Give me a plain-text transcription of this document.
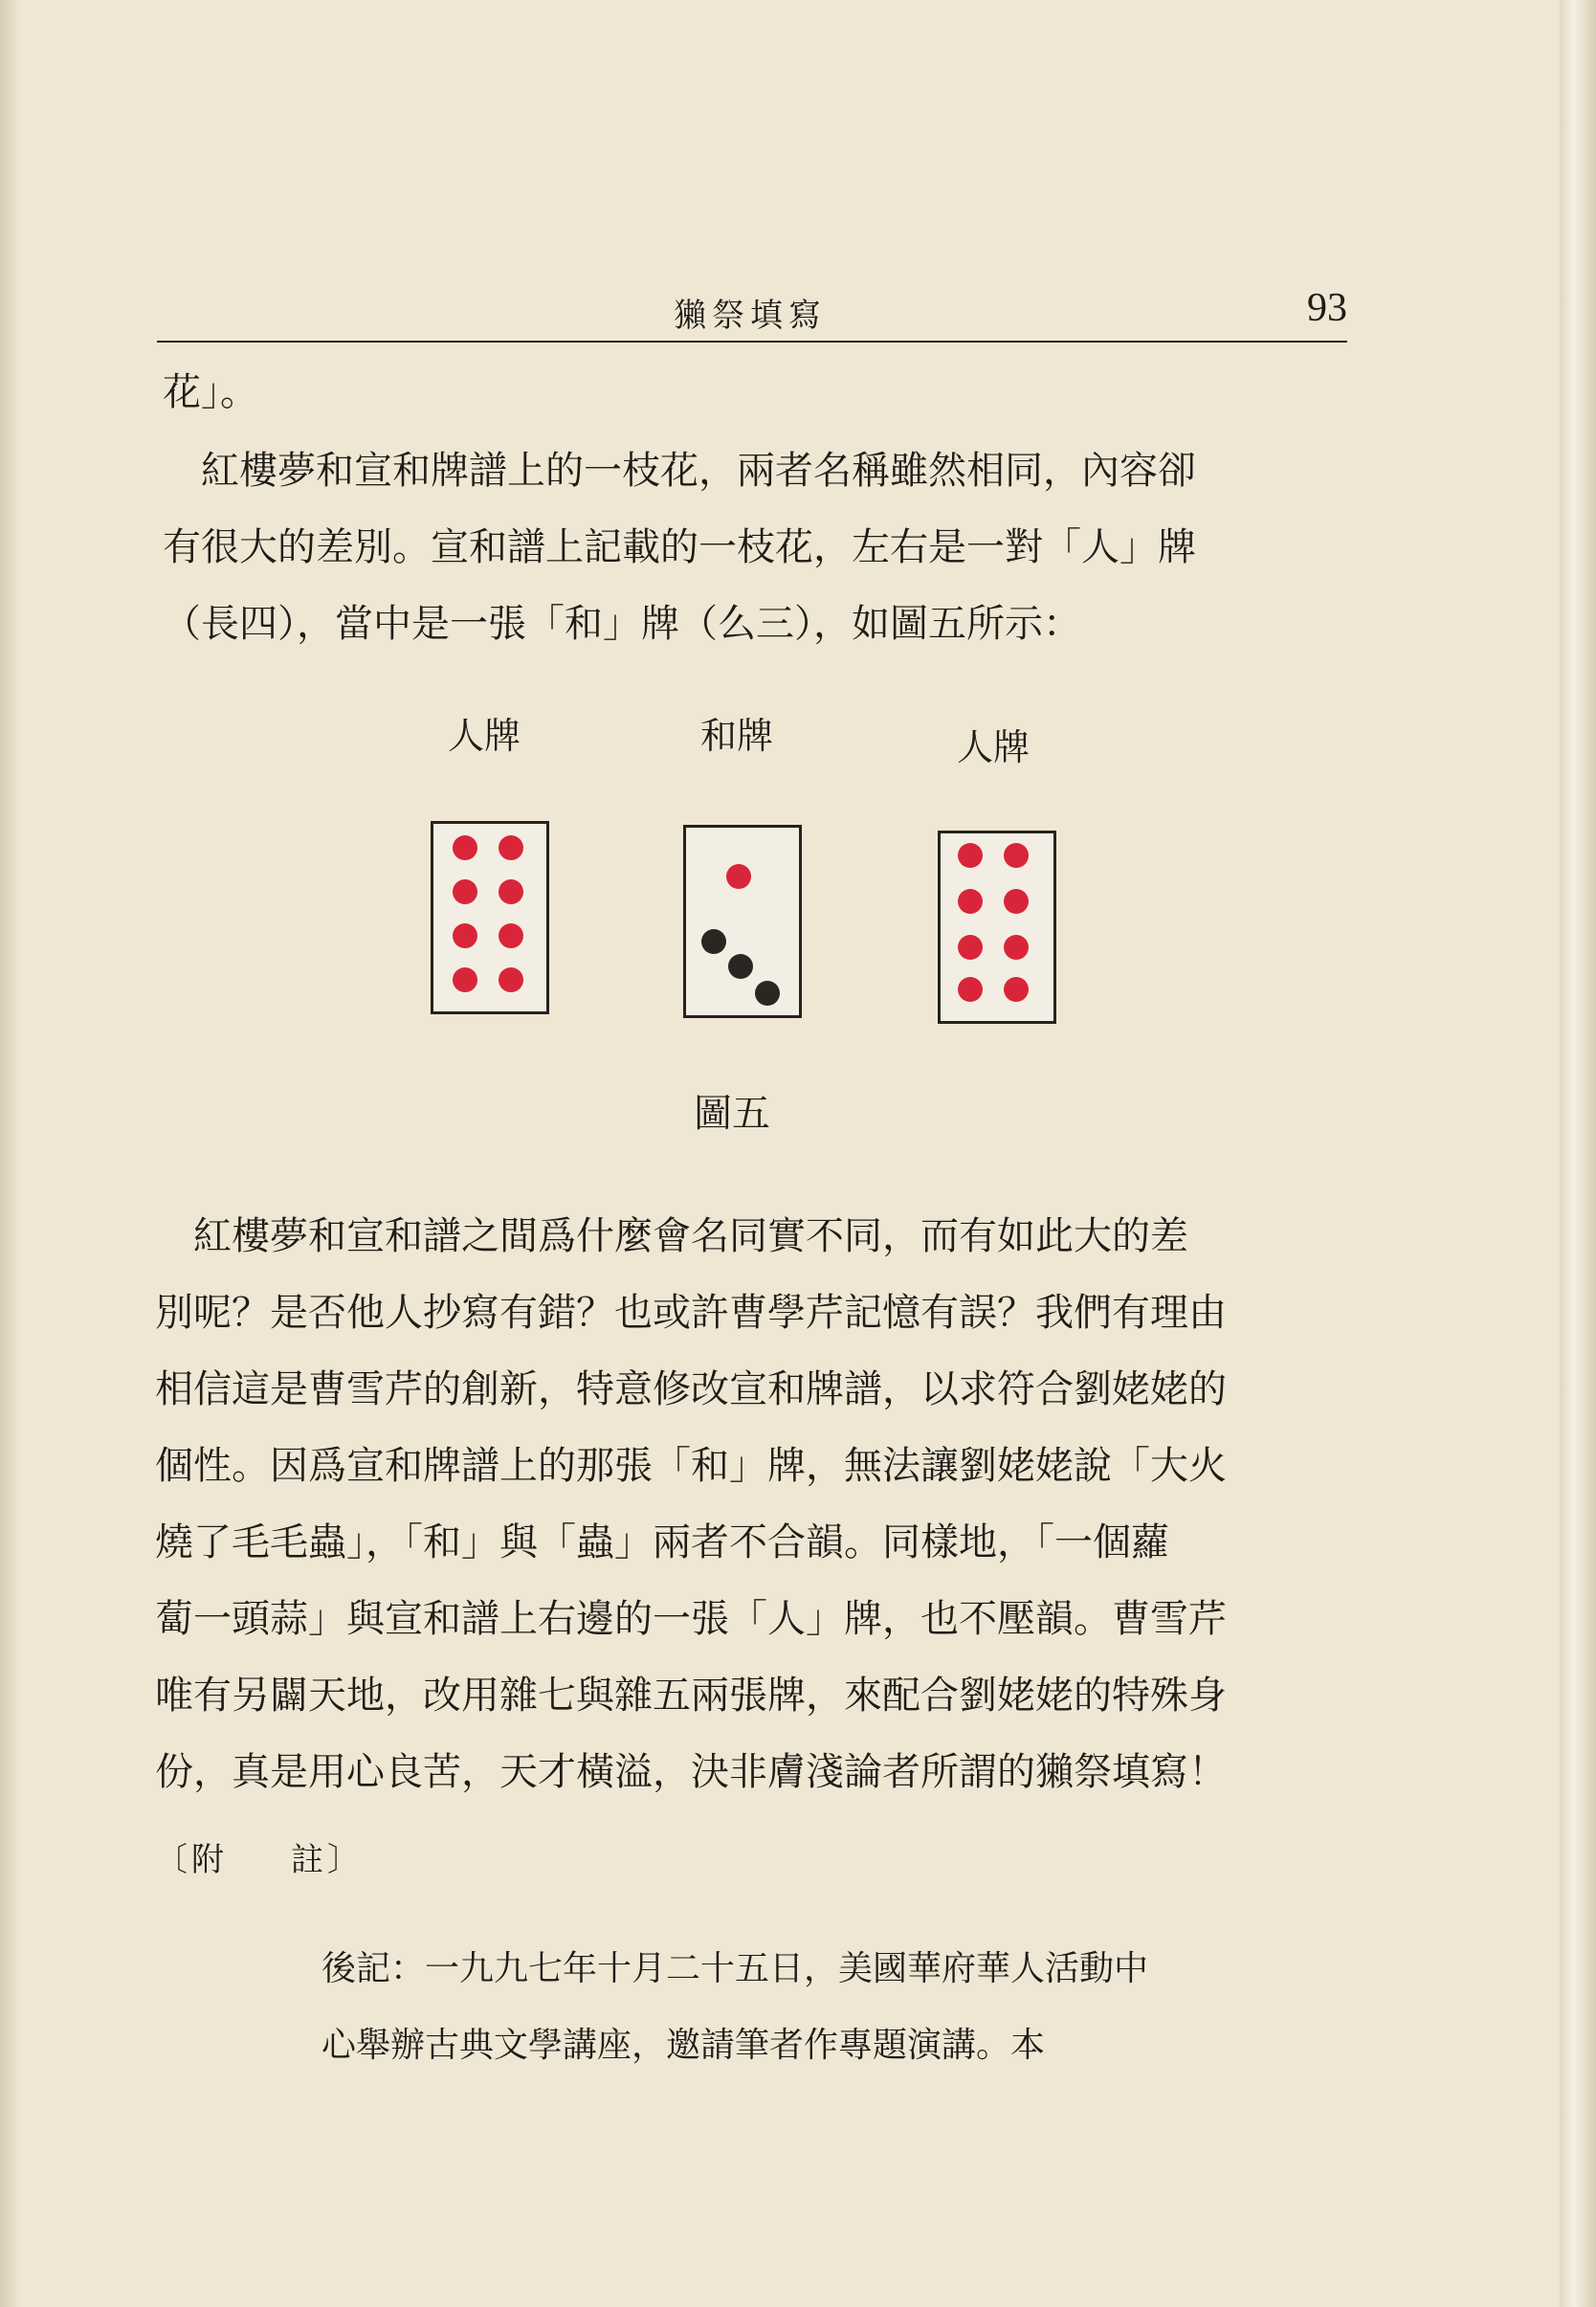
獺祭填寫	93
花」。
　紅樓夢和宣和牌譜上的一枝花，兩者名稱雖然相同，內容卻
有很大的差別。宣和譜上記載的一枝花，左右是一對「人」牌
（長四），當中是一張「和」牌（么三），如圖五所示：
人牌	和牌	人牌
圖五
　紅樓夢和宣和譜之間爲什麼會名同實不同，而有如此大的差
別呢？是否他人抄寫有錯？也或許曹學芹記憶有誤？我們有理由
相信這是曹雪芹的創新，特意修改宣和牌譜，以求符合劉姥姥的
個性。因爲宣和牌譜上的那張「和」牌，無法讓劉姥姥說「大火
燒了毛毛蟲」，「和」與「蟲」兩者不合韻。同樣地，「一個蘿
蔔一頭蒜」與宣和譜上右邊的一張「人」牌，也不壓韻。曹雪芹
唯有另闢天地，改用雜七與雜五兩張牌，來配合劉姥姥的特殊身
份，真是用心良苦，天才橫溢，決非膚淺論者所謂的獺祭填寫！
〔附 註〕
後記：一九九七年十月二十五日，美國華府華人活動中
心舉辦古典文學講座，邀請筆者作專題演講。本
